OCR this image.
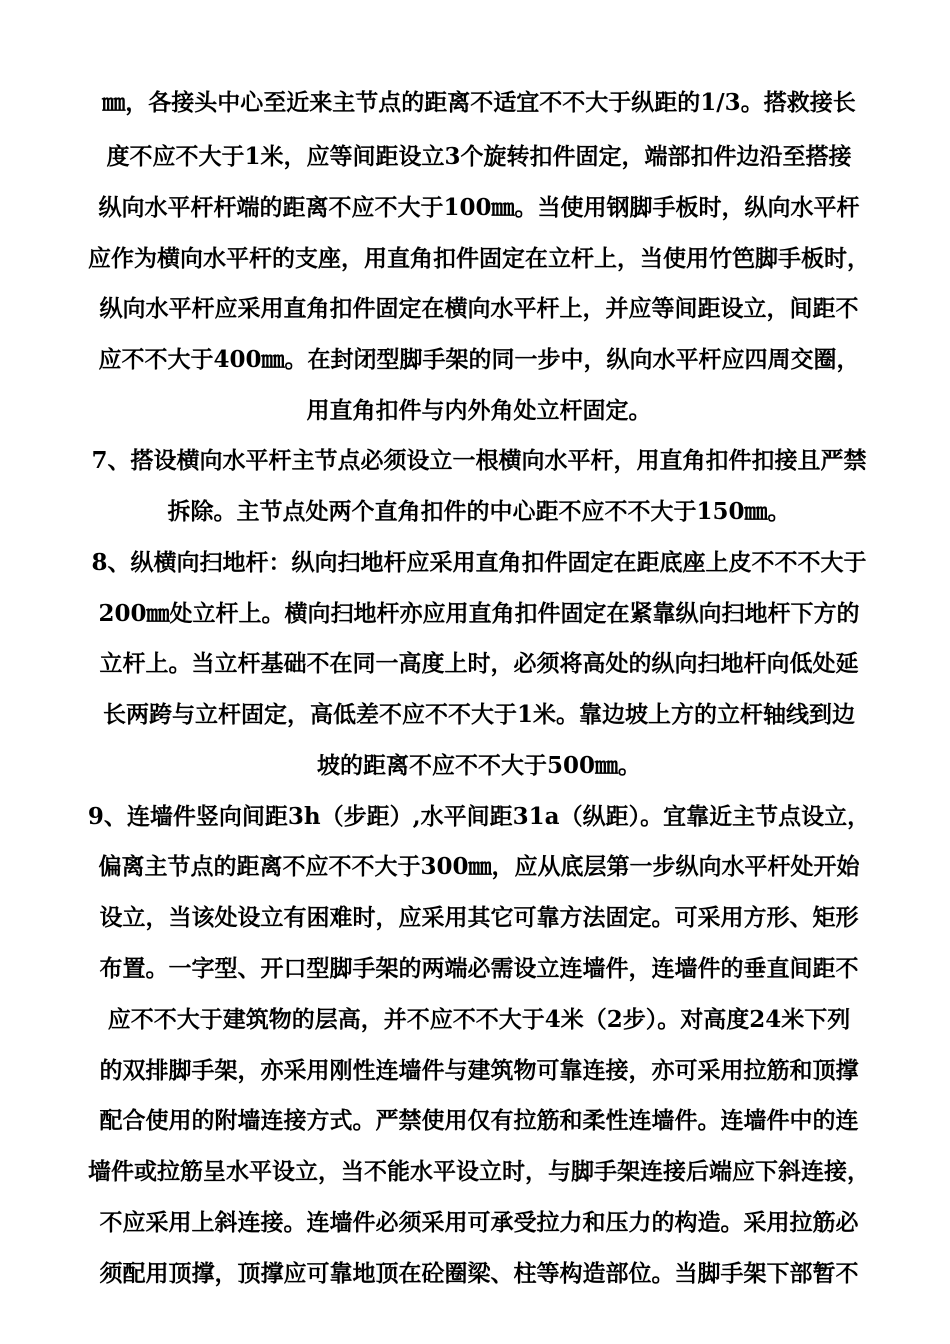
㎜，各接头中心至近来主节点的距离不适宜不不大于纵距的1/3。搭救接长
度不应不大于1米，应等间距设立3个旋转扣件固定，端部扣件边沿至搭接
纵向水平杆杆端的距离不应不大于100㎜。当使用钢脚手板时，纵向水平杆
应作为横向水平杆的支座，用直角扣件固定在立杆上，当使用竹笆脚手板时，
纵向水平杆应采用直角扣件固定在横向水平杆上，并应等间距设立，间距不
应不不大于400㎜。在封闭型脚手架的同一步中，纵向水平杆应四周交圈，
用直角扣件与内外角处立杆固定。
7、搭设横向水平杆主节点必须设立一根横向水平杆，用直角扣件扣接且严禁
拆除。主节点处两个直角扣件的中心距不应不不大于150㎜。
8、纵横向扫地杆：纵向扫地杆应采用直角扣件固定在距底座上皮不不不大于
200㎜处立杆上。横向扫地杆亦应用直角扣件固定在紧靠纵向扫地杆下方的
立杆上。当立杆基础不在同一高度上时，必须将高处的纵向扫地杆向低处延
长两跨与立杆固定，高低差不应不不大于1米。靠边坡上方的立杆轴线到边
坡的距离不应不不大于500㎜。
9、连墙件竖向间距3h（步距）,水平间距31a（纵距）。宜靠近主节点设立，
偏离主节点的距离不应不不大于300㎜，应从底层第一步纵向水平杆处开始
设立，当该处设立有困难时，应采用其它可靠方法固定。可采用方形、矩形
布置。一字型、开口型脚手架的两端必需设立连墙件，连墙件的垂直间距不
应不不大于建筑物的层高，并不应不不大于4米（2步）。对高度24米下列
的双排脚手架，亦采用刚性连墙件与建筑物可靠连接，亦可采用拉筋和顶撑
配合使用的附墙连接方式。严禁使用仅有拉筋和柔性连墙件。连墙件中的连
墙件或拉筋呈水平设立，当不能水平设立时，与脚手架连接后端应下斜连接，
不应采用上斜连接。连墙件必须采用可承受拉力和压力的构造。采用拉筋必
须配用顶撑，顶撑应可靠地顶在砼圈梁、柱等构造部位。当脚手架下部暂不
